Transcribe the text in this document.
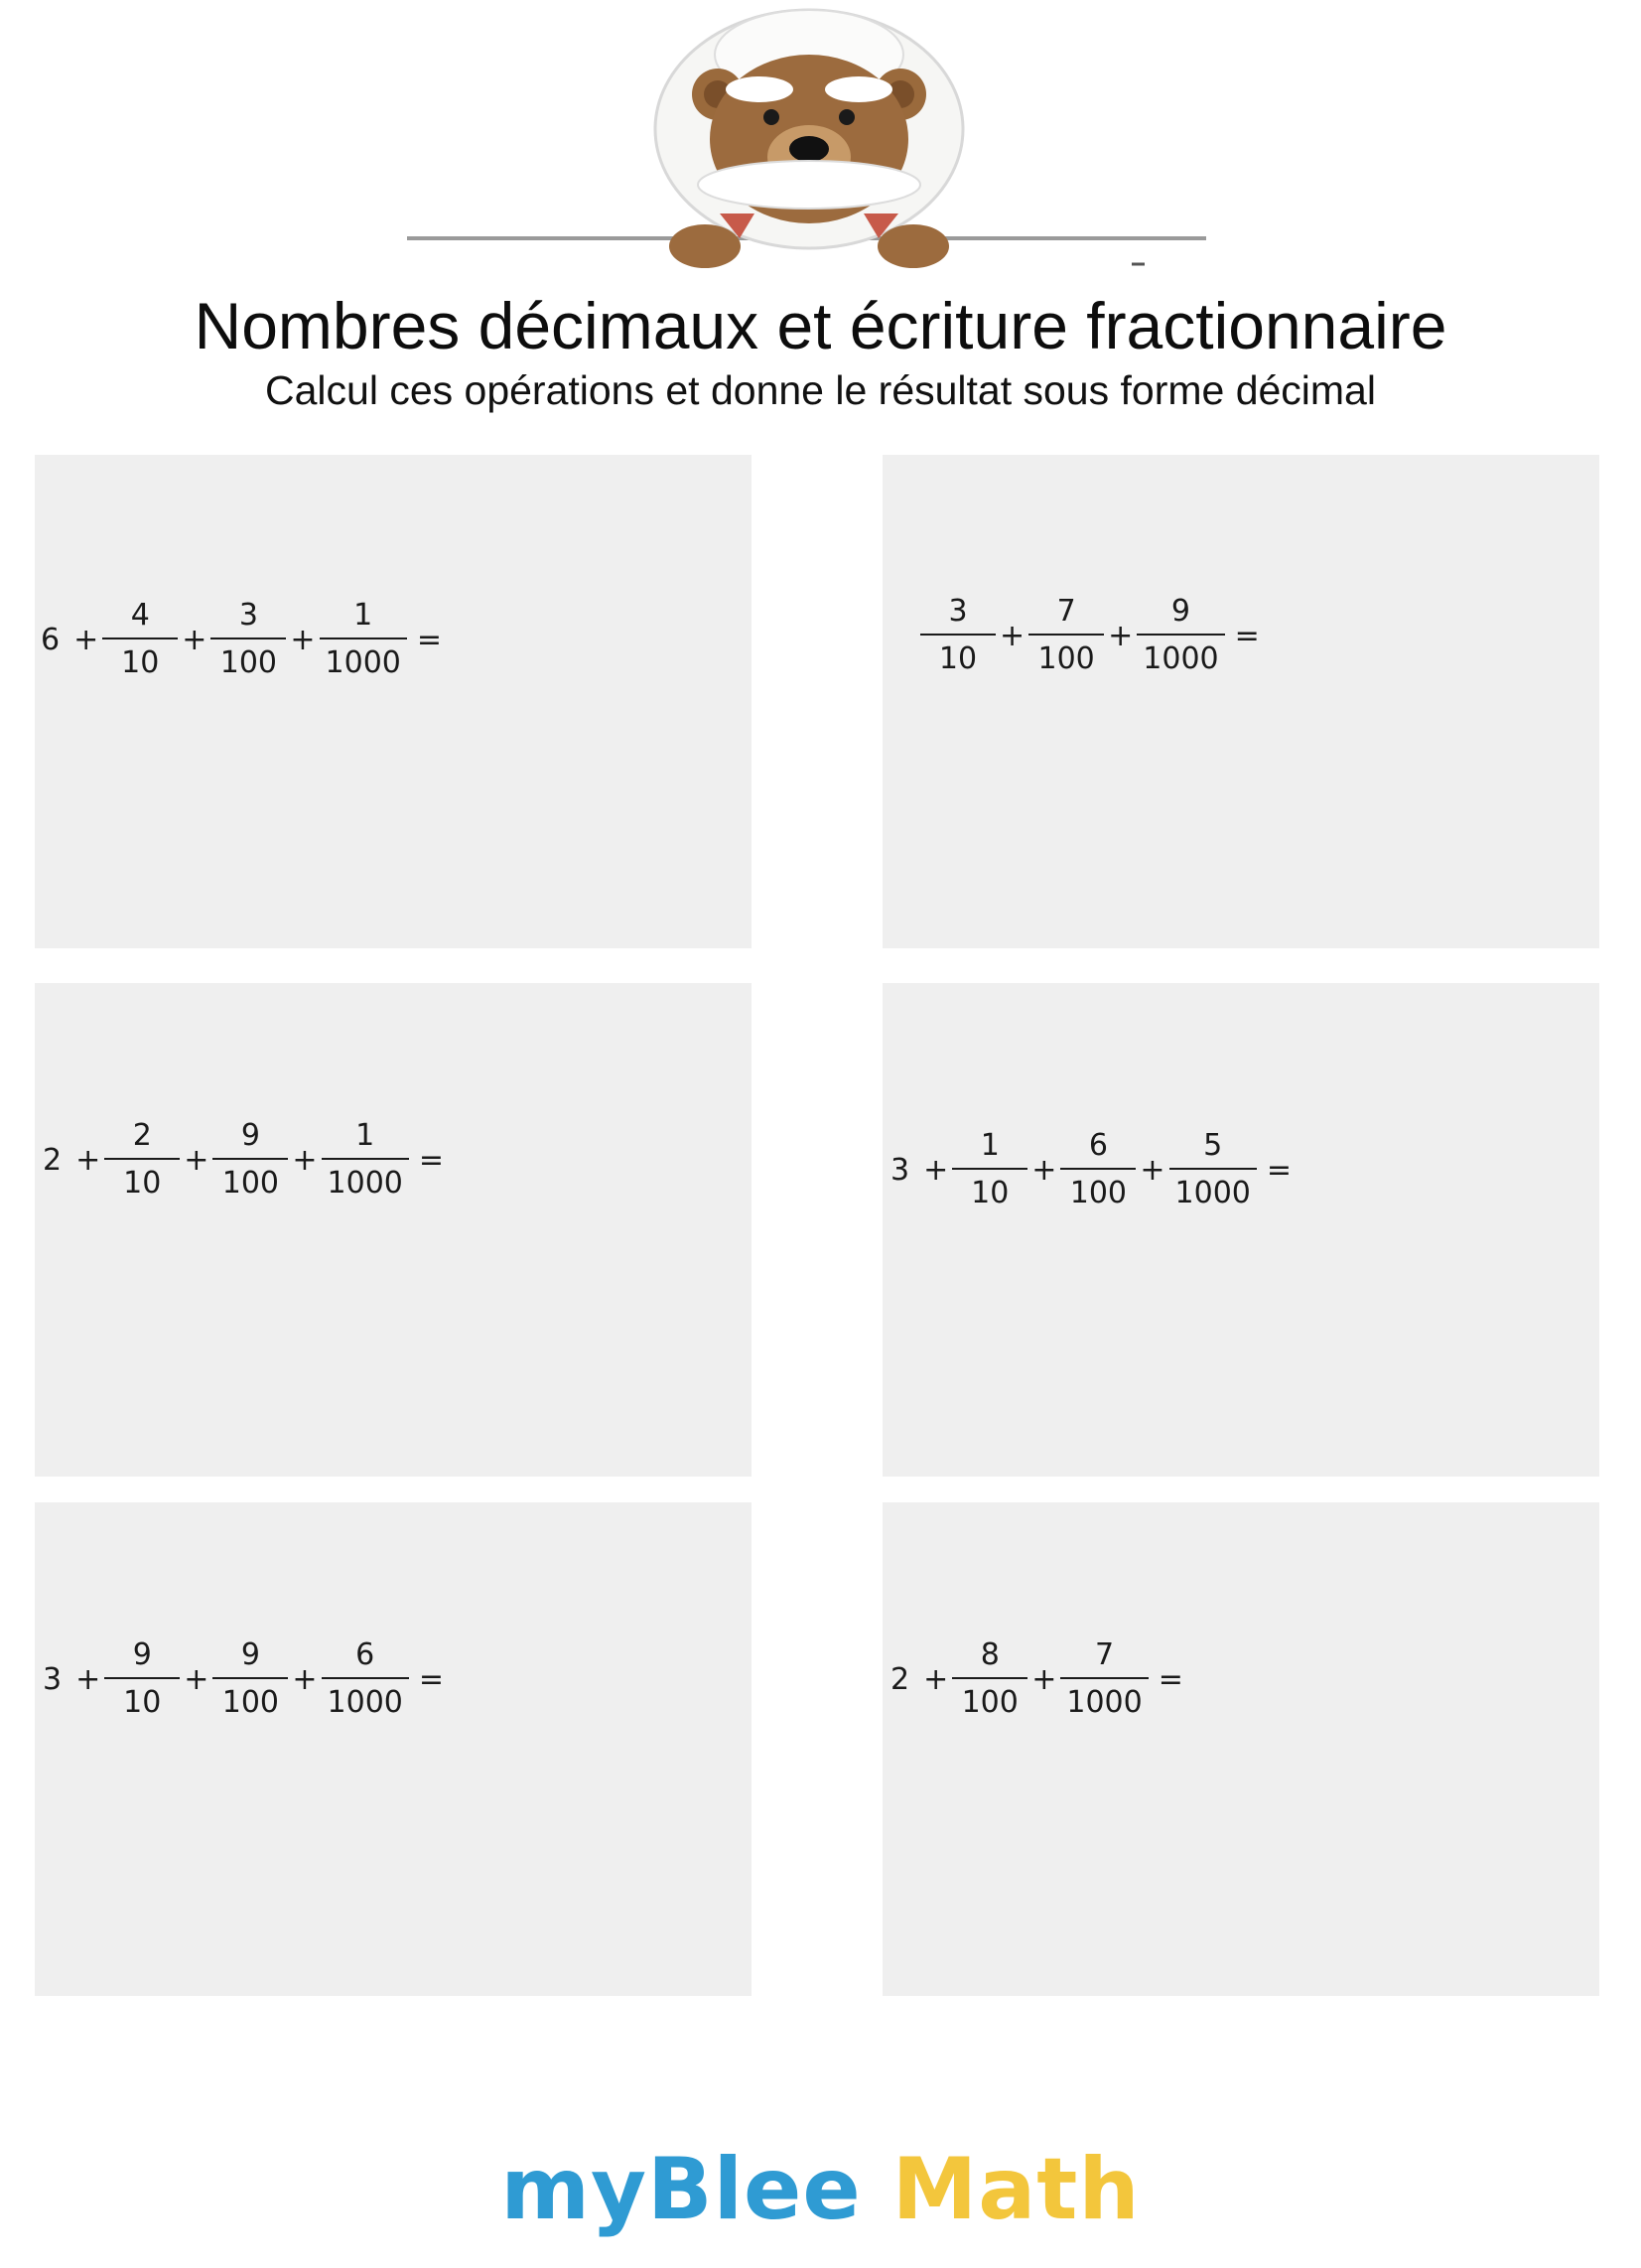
Nombres décimaux et écriture fractionnaire
Calcul ces opérations et donne le résultat sous forme décimal
$6 + \frac{4}{10} + \frac{3}{100} + \frac{1}{1000}$ =	$\frac{3}{10} + \frac{7}{100} + \frac{9}{1000}$ =
$2 + \frac{2}{10} + \frac{9}{100} + \frac{1}{1000}$ =	$3 + \frac{1}{10} + \frac{6}{100} + \frac{5}{1000}$ =
$3 + \frac{9}{10} + \frac{9}{100} + \frac{6}{1000}$ =	$2 + \frac{8}{100} + \frac{7}{1000}$ =
myBlee Math
